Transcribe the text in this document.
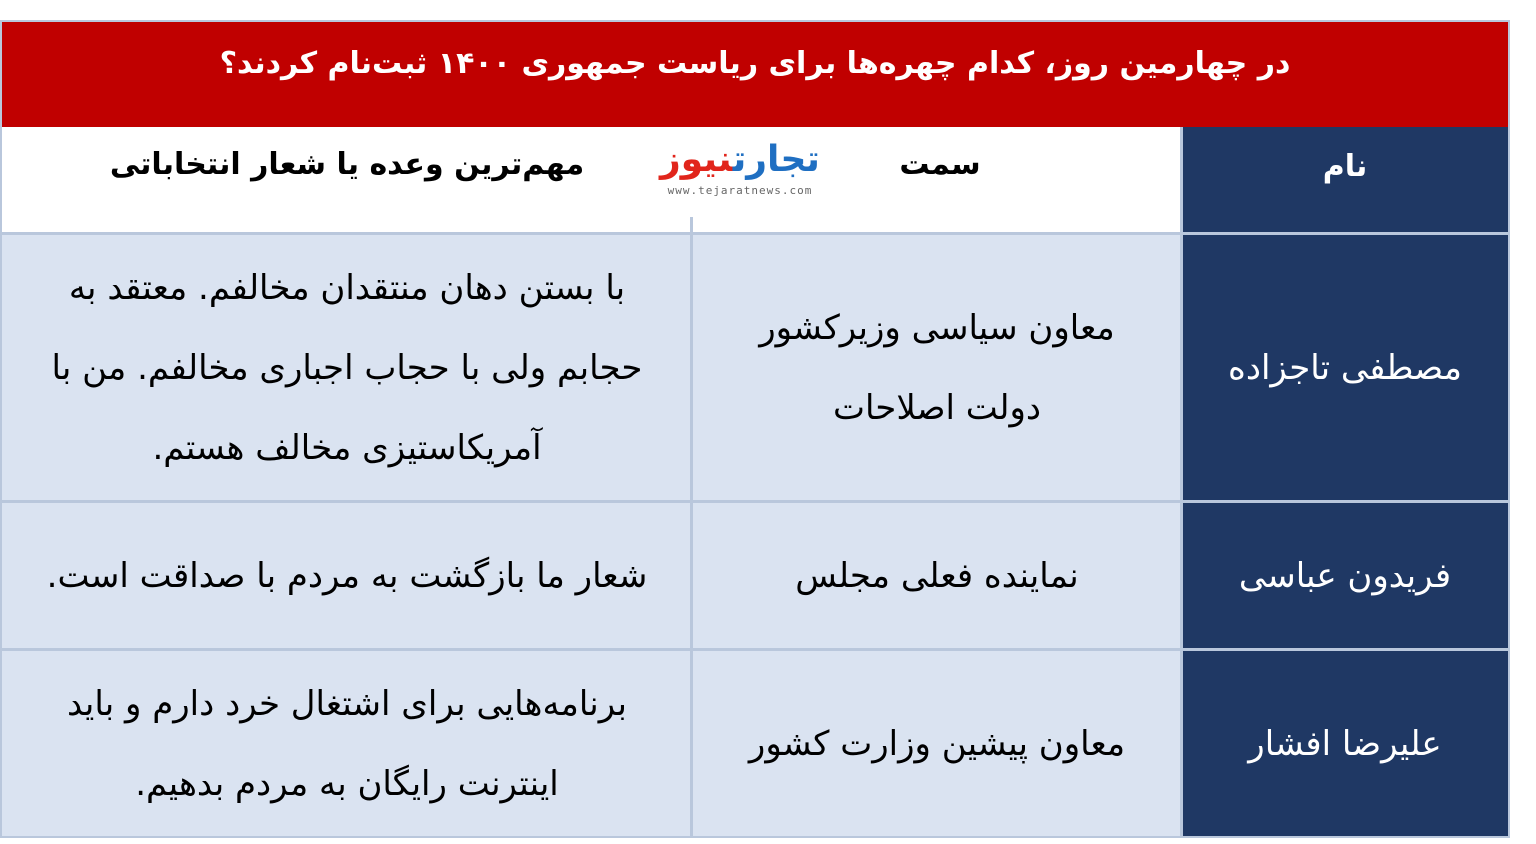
در چهارمین روز، کدام چهره‌ها برای ریاست جمهوری ۱۴۰۰ ثبت‌نام کردند؟
نام
سمت
مهم‌ترین وعده یا شعار انتخاباتی
مصطفی تاجزاده
معاون سیاسی وزیرکشور دولت اصلاحات
با بستن دهان منتقدان مخالفم. معتقد به حجابم ولی با حجاب اجباری مخالفم. من با آمریکاستیزی مخالف هستم.
فریدون عباسی
نماینده فعلی مجلس
شعار ما بازگشت به مردم با صداقت است.
علیرضا افشار
معاون پیشین وزارت کشور
برنامه‌هایی برای اشتغال خرد دارم و باید اینترنت رایگان به مردم بدهیم.
تجارتنیوز
www.tejaratnews.com
